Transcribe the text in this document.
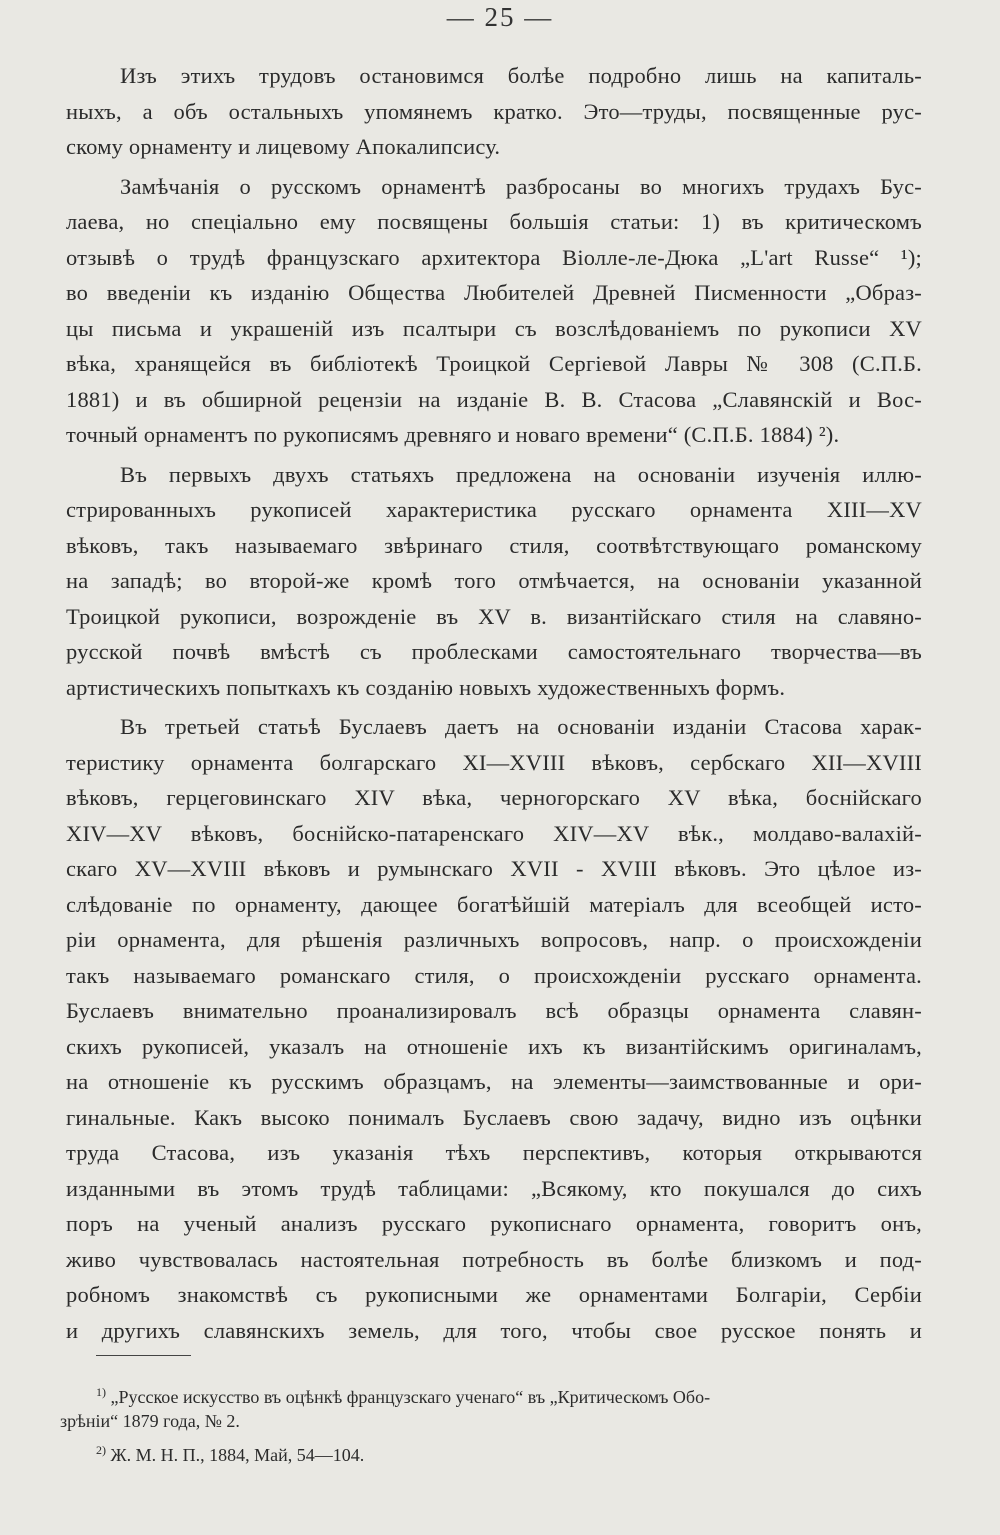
— 25 —
Изъ этихъ трудовъ остановимся болѣе подробно лишь на капиталь-
ныхъ, а объ остальныхъ упомянемъ кратко. Это—труды, посвященные рус-
скому орнаменту и лицевому Апокалипсису.
Замѣчанія о русскомъ орнаментѣ разбросаны во многихъ трудахъ Бус-
лаева, но спеціально ему посвящены большія статьи: 1) въ критическомъ
отзывѣ о трудѣ французскаго архитектора Віолле-ле-Дюка „L'art Russe“ ¹);
во введеніи къ изданію Общества Любителей Древней Писменности „Образ-
цы письма и украшеній изъ псалтыри съ возслѣдованіемъ по рукописи XV
вѣка, хранящейся въ библіотекѣ Троицкой Сергіевой Лавры № 308 (С.П.Б.
1881) и въ обширной рецензіи на изданіе В. В. Стасова „Славянскій и Вос-
точный орнаментъ по рукописямъ древняго и новаго времени“ (С.П.Б. 1884) ²).
Въ первыхъ двухъ статьяхъ предложена на основаніи изученія иллю-
стрированныхъ рукописей характеристика русскаго орнамента XIII—XV
вѣковъ, такъ называемаго звѣринаго стиля, соотвѣтствующаго романскому
на западѣ; во второй-же кромѣ того отмѣчается, на основаніи указанной
Троицкой рукописи, возрожденіе въ XV в. византійскаго стиля на славяно-
русской почвѣ вмѣстѣ съ проблесками самостоятельнаго творчества—въ
артистическихъ попыткахъ къ созданію новыхъ художественныхъ формъ.
Въ третьей статьѣ Буслаевъ даетъ на основаніи изданіи Стасова харак-
теристику орнамента болгарскаго XI—XVIII вѣковъ, сербскаго XII—XVIII
вѣковъ, герцеговинскаго XIV вѣка, черногорскаго XV вѣка, боснійскаго
XIV—XV вѣковъ, боснійско-патаренскаго XIV—XV вѣк., молдаво-валахій-
скаго XV—XVIII вѣковъ и румынскаго XVII - XVIII вѣковъ. Это цѣлое из-
слѣдованіе по орнаменту, дающее богатѣйшій матеріалъ для всеобщей исто-
ріи орнамента, для рѣшенія различныхъ вопросовъ, напр. о происхожденіи
такъ называемаго романскаго стиля, о происхожденіи русскаго орнамента.
Буслаевъ внимательно проанализировалъ всѣ образцы орнамента славян-
скихъ рукописей, указалъ на отношеніе ихъ къ византійскимъ оригиналамъ,
на отношеніе къ русскимъ образцамъ, на элементы—заимствованные и ори-
гинальные. Какъ высоко понималъ Буслаевъ свою задачу, видно изъ оцѣнки
труда Стасова, изъ указанія тѣхъ перспективъ, которыя открываются
изданными въ этомъ трудѣ таблицами: „Всякому, кто покушался до сихъ
поръ на ученый анализъ русскаго рукописнаго орнамента, говоритъ онъ,
живо чувствовалась настоятельная потребность въ болѣе близкомъ и под-
робномъ знакомствѣ съ рукописными же орнаментами Болгаріи, Сербіи
и другихъ славянскихъ земель, для того, чтобы свое русское понять и
$^{1)}$ „Русское искусство въ оцѣнкѣ французскаго ученаго“ въ „Критическомъ Обо-
зрѣніи“ 1879 года, № 2.
$^{2)}$ Ж. М. Н. П., 1884, Май, 54—104.
